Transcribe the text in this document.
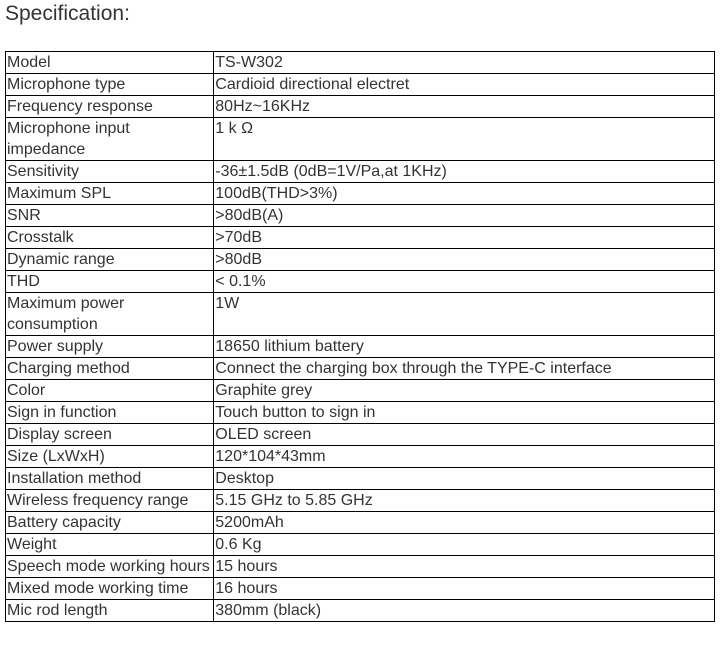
Specification:
Model	TS-W302
Microphone type	Cardioid directional electret
Frequency response	80Hz~16KHz
Microphone input impedance	1 k Ω
Sensitivity	-36±1.5dB (0dB=1V/Pa,at 1KHz)
Maximum SPL	100dB(THD>3%)
SNR	>80dB(A)
Crosstalk	>70dB
Dynamic range	>80dB
THD	< 0.1%
Maximum power consumption	1W
Power supply	18650 lithium battery
Charging method	Connect the charging box through the TYPE-C interface
Color	Graphite grey
Sign in function	Touch button to sign in
Display screen	OLED screen
Size (LxWxH)	120*104*43mm
Installation method	Desktop
Wireless frequency range	5.15 GHz to 5.85 GHz
Battery capacity	5200mAh
Weight	0.6 Kg
Speech mode working hours	15 hours
Mixed mode working time	16 hours
Mic rod length	380mm (black)
